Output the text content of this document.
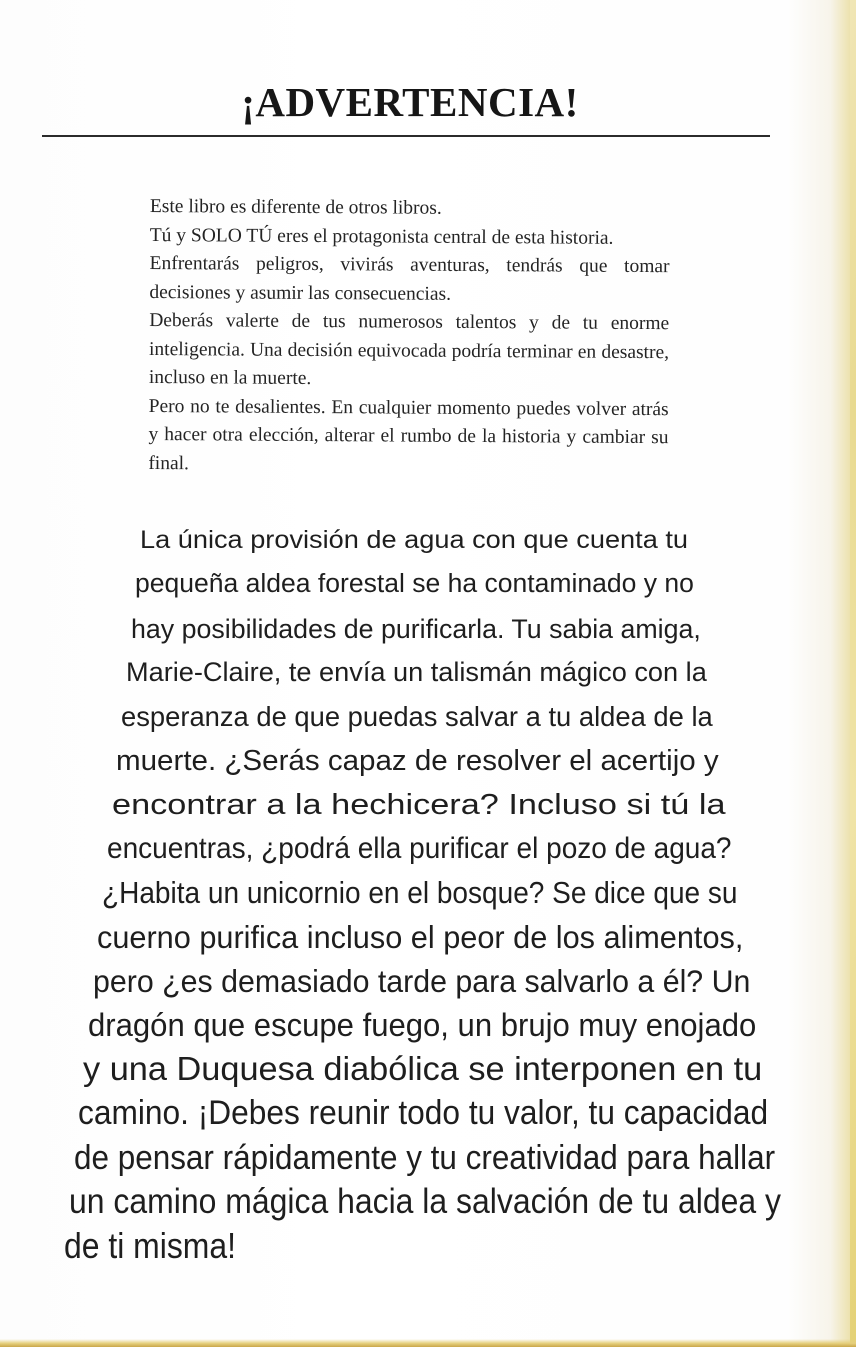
¡ADVERTENCIA!

Este libro es diferente de otros libros.

Tú y SOLO TÚ eres el protagonista central de esta historia.

Enfrentarás peligros, vivirás aventuras, tendrás que tomar decisiones y asumir las consecuencias.

Deberás valerte de tus numerosos talentos y de tu enorme inteligencia. Una decisión equivocada podría terminar en desastre, incluso en la muerte.

Pero no te desalientes. En cualquier momento puedes volver atrás y hacer otra elección, alterar el rumbo de la historia y cambiar su final.

La única provisión de agua con que cuenta tu
pequeña aldea forestal se ha contaminado y no
hay posibilidades de purificarla. Tu sabia amiga,
Marie-Claire, te envía un talismán mágico con la
esperanza de que puedas salvar a tu aldea de la
muerte. ¿Serás capaz de resolver el acertijo y
encontrar a la hechicera? Incluso si tú la
encuentras, ¿podrá ella purificar el pozo de agua?
¿Habita un unicornio en el bosque? Se dice que su
cuerno purifica incluso el peor de los alimentos,
pero ¿es demasiado tarde para salvarlo a él? Un
dragón que escupe fuego, un brujo muy enojado
y una Duquesa diabólica se interponen en tu
camino. ¡Debes reunir todo tu valor, tu capacidad
de pensar rápidamente y tu creatividad para hallar
un camino mágica hacia la salvación de tu aldea y
de ti misma!
